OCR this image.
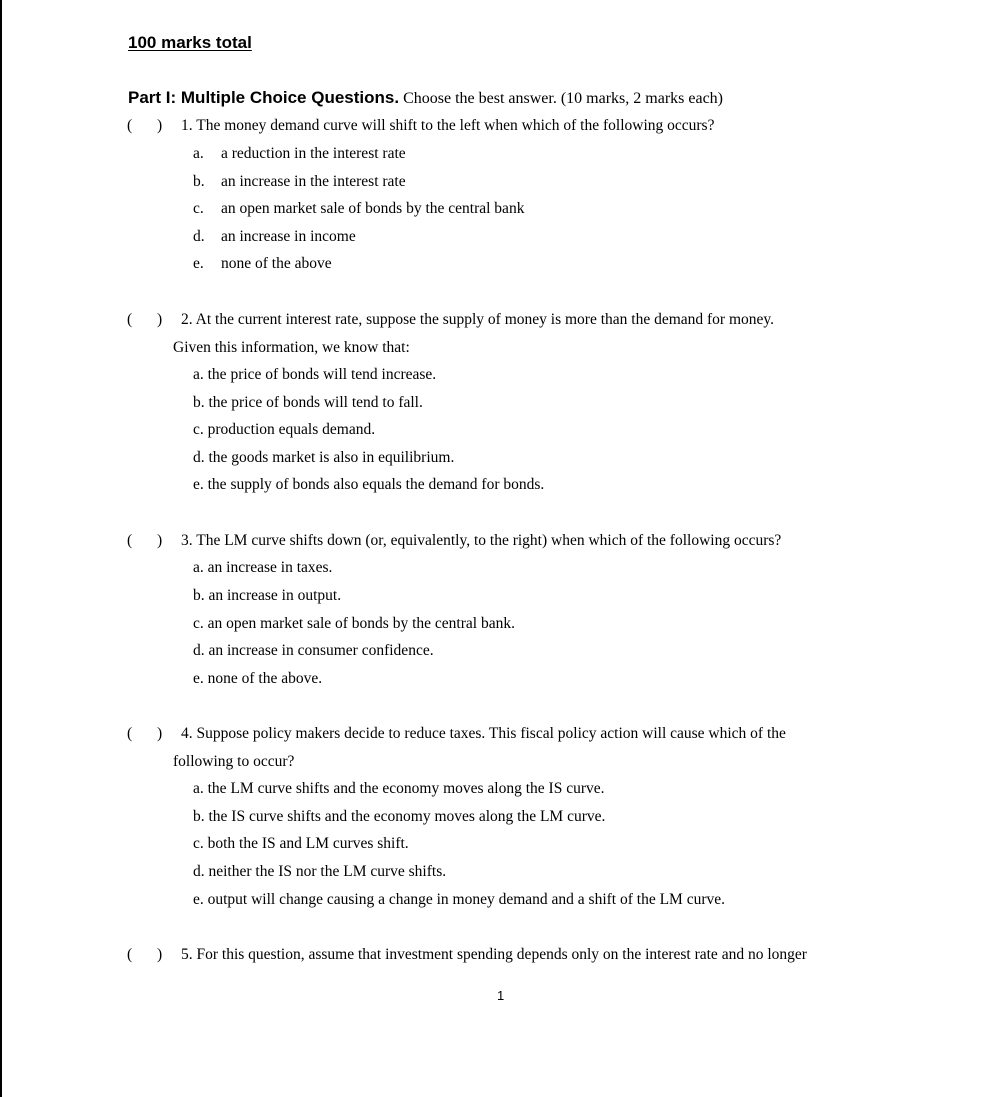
100 marks total
Part I: Multiple Choice Questions. Choose the best answer. (10 marks, 2 marks each)
( ) 1. The money demand curve will shift to the left when which of the following occurs?
a. a reduction in the interest rate
b. an increase in the interest rate
c. an open market sale of bonds by the central bank
d. an increase in income
e. none of the above
( ) 2. At the current interest rate, suppose the supply of money is more than the demand for money.
Given this information, we know that:
a. the price of bonds will tend increase.
b. the price of bonds will tend to fall.
c. production equals demand.
d. the goods market is also in equilibrium.
e. the supply of bonds also equals the demand for bonds.
( ) 3. The LM curve shifts down (or, equivalently, to the right) when which of the following occurs?
a. an increase in taxes.
b. an increase in output.
c. an open market sale of bonds by the central bank.
d. an increase in consumer confidence.
e. none of the above.
( ) 4. Suppose policy makers decide to reduce taxes. This fiscal policy action will cause which of the
following to occur?
a. the LM curve shifts and the economy moves along the IS curve.
b. the IS curve shifts and the economy moves along the LM curve.
c. both the IS and LM curves shift.
d. neither the IS nor the LM curve shifts.
e. output will change causing a change in money demand and a shift of the LM curve.
( ) 5. For this question, assume that investment spending depends only on the interest rate and no longer
1
